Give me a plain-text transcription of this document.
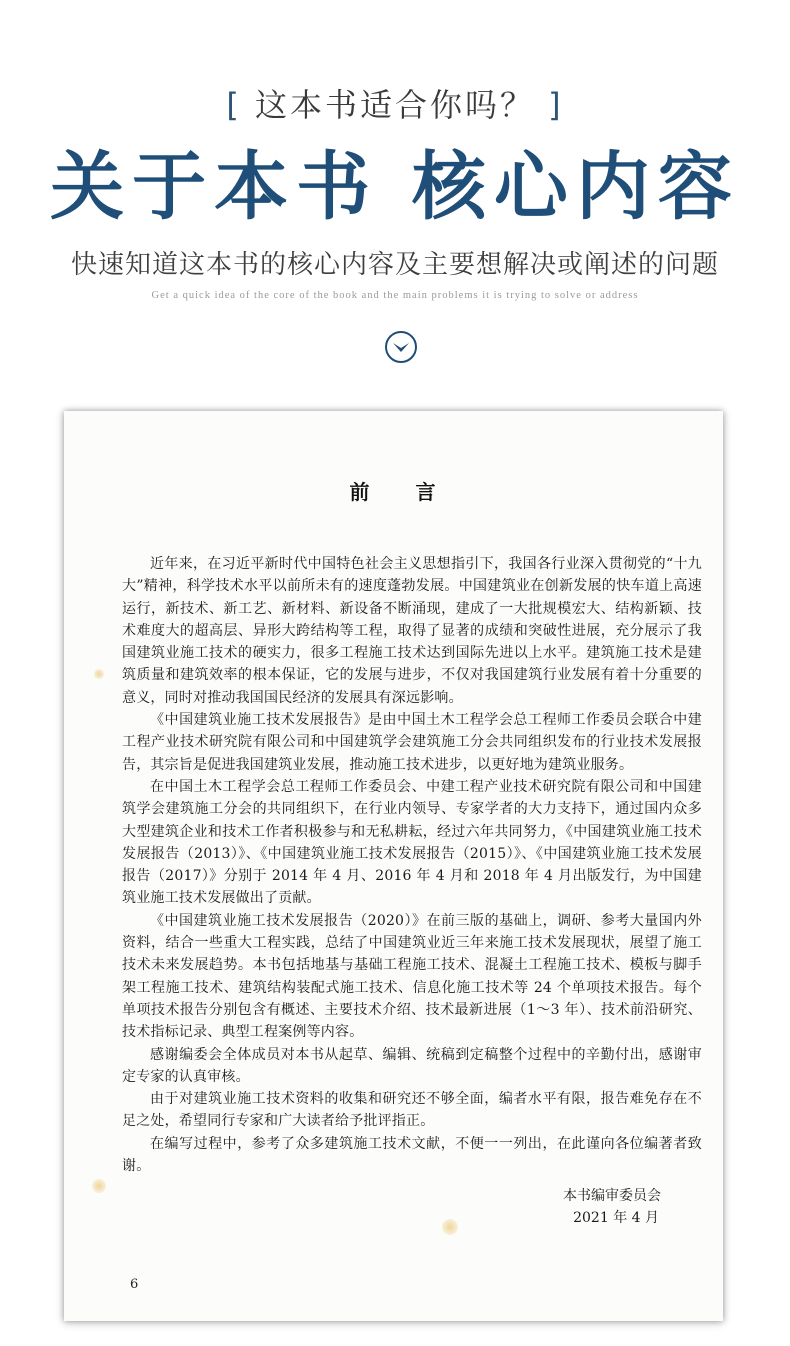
[ 这本书适合你吗？ ]
关于本书 核心内容
快速知道这本书的核心内容及主要想解决或阐述的问题
Get a quick idea of the core of the book and the main problems it is trying to solve or address
前 言

近年来，在习近平新时代中国特色社会主义思想指引下，我国各行业深入贯彻党的“十九大”精神，科学技术水平以前所未有的速度蓬勃发展。中国建筑业在创新发展的快车道上高速运行，新技术、新工艺、新材料、新设备不断涌现，建成了一大批规模宏大、结构新颖、技术难度大的超高层、异形大跨结构等工程，取得了显著的成绩和突破性进展，充分展示了我国建筑业施工技术的硬实力，很多工程施工技术达到国际先进以上水平。建筑施工技术是建筑质量和建筑效率的根本保证，它的发展与进步，不仅对我国建筑行业发展有着十分重要的意义，同时对推动我国国民经济的发展具有深远影响。

《中国建筑业施工技术发展报告》是由中国土木工程学会总工程师工作委员会联合中建工程产业技术研究院有限公司和中国建筑学会建筑施工分会共同组织发布的行业技术发展报告，其宗旨是促进我国建筑业发展，推动施工技术进步，以更好地为建筑业服务。

在中国土木工程学会总工程师工作委员会、中建工程产业技术研究院有限公司和中国建筑学会建筑施工分会的共同组织下，在行业内领导、专家学者的大力支持下，通过国内众多大型建筑企业和技术工作者积极参与和无私耕耘，经过六年共同努力，《中国建筑业施工技术发展报告（2013）》、《中国建筑业施工技术发展报告（2015）》、《中国建筑业施工技术发展报告（2017）》分别于 2014 年 4 月、2016 年 4 月和 2018 年 4 月出版发行，为中国建筑业施工技术发展做出了贡献。

《中国建筑业施工技术发展报告（2020）》在前三版的基础上，调研、参考大量国内外资料，结合一些重大工程实践，总结了中国建筑业近三年来施工技术发展现状，展望了施工技术未来发展趋势。本书包括地基与基础工程施工技术、混凝土工程施工技术、模板与脚手架工程施工技术、建筑结构装配式施工技术、信息化施工技术等 24 个单项技术报告。每个单项技术报告分别包含有概述、主要技术介绍、技术最新进展（1～3 年）、技术前沿研究、技术指标记录、典型工程案例等内容。

感谢编委会全体成员对本书从起草、编辑、统稿到定稿整个过程中的辛勤付出，感谢审定专家的认真审核。

由于对建筑业施工技术资料的收集和研究还不够全面，编者水平有限，报告难免存在不足之处，希望同行专家和广大读者给予批评指正。

在编写过程中，参考了众多建筑施工技术文献，不便一一列出，在此谨向各位编著者致谢。

本书编审委员会
2021 年 4 月
6
